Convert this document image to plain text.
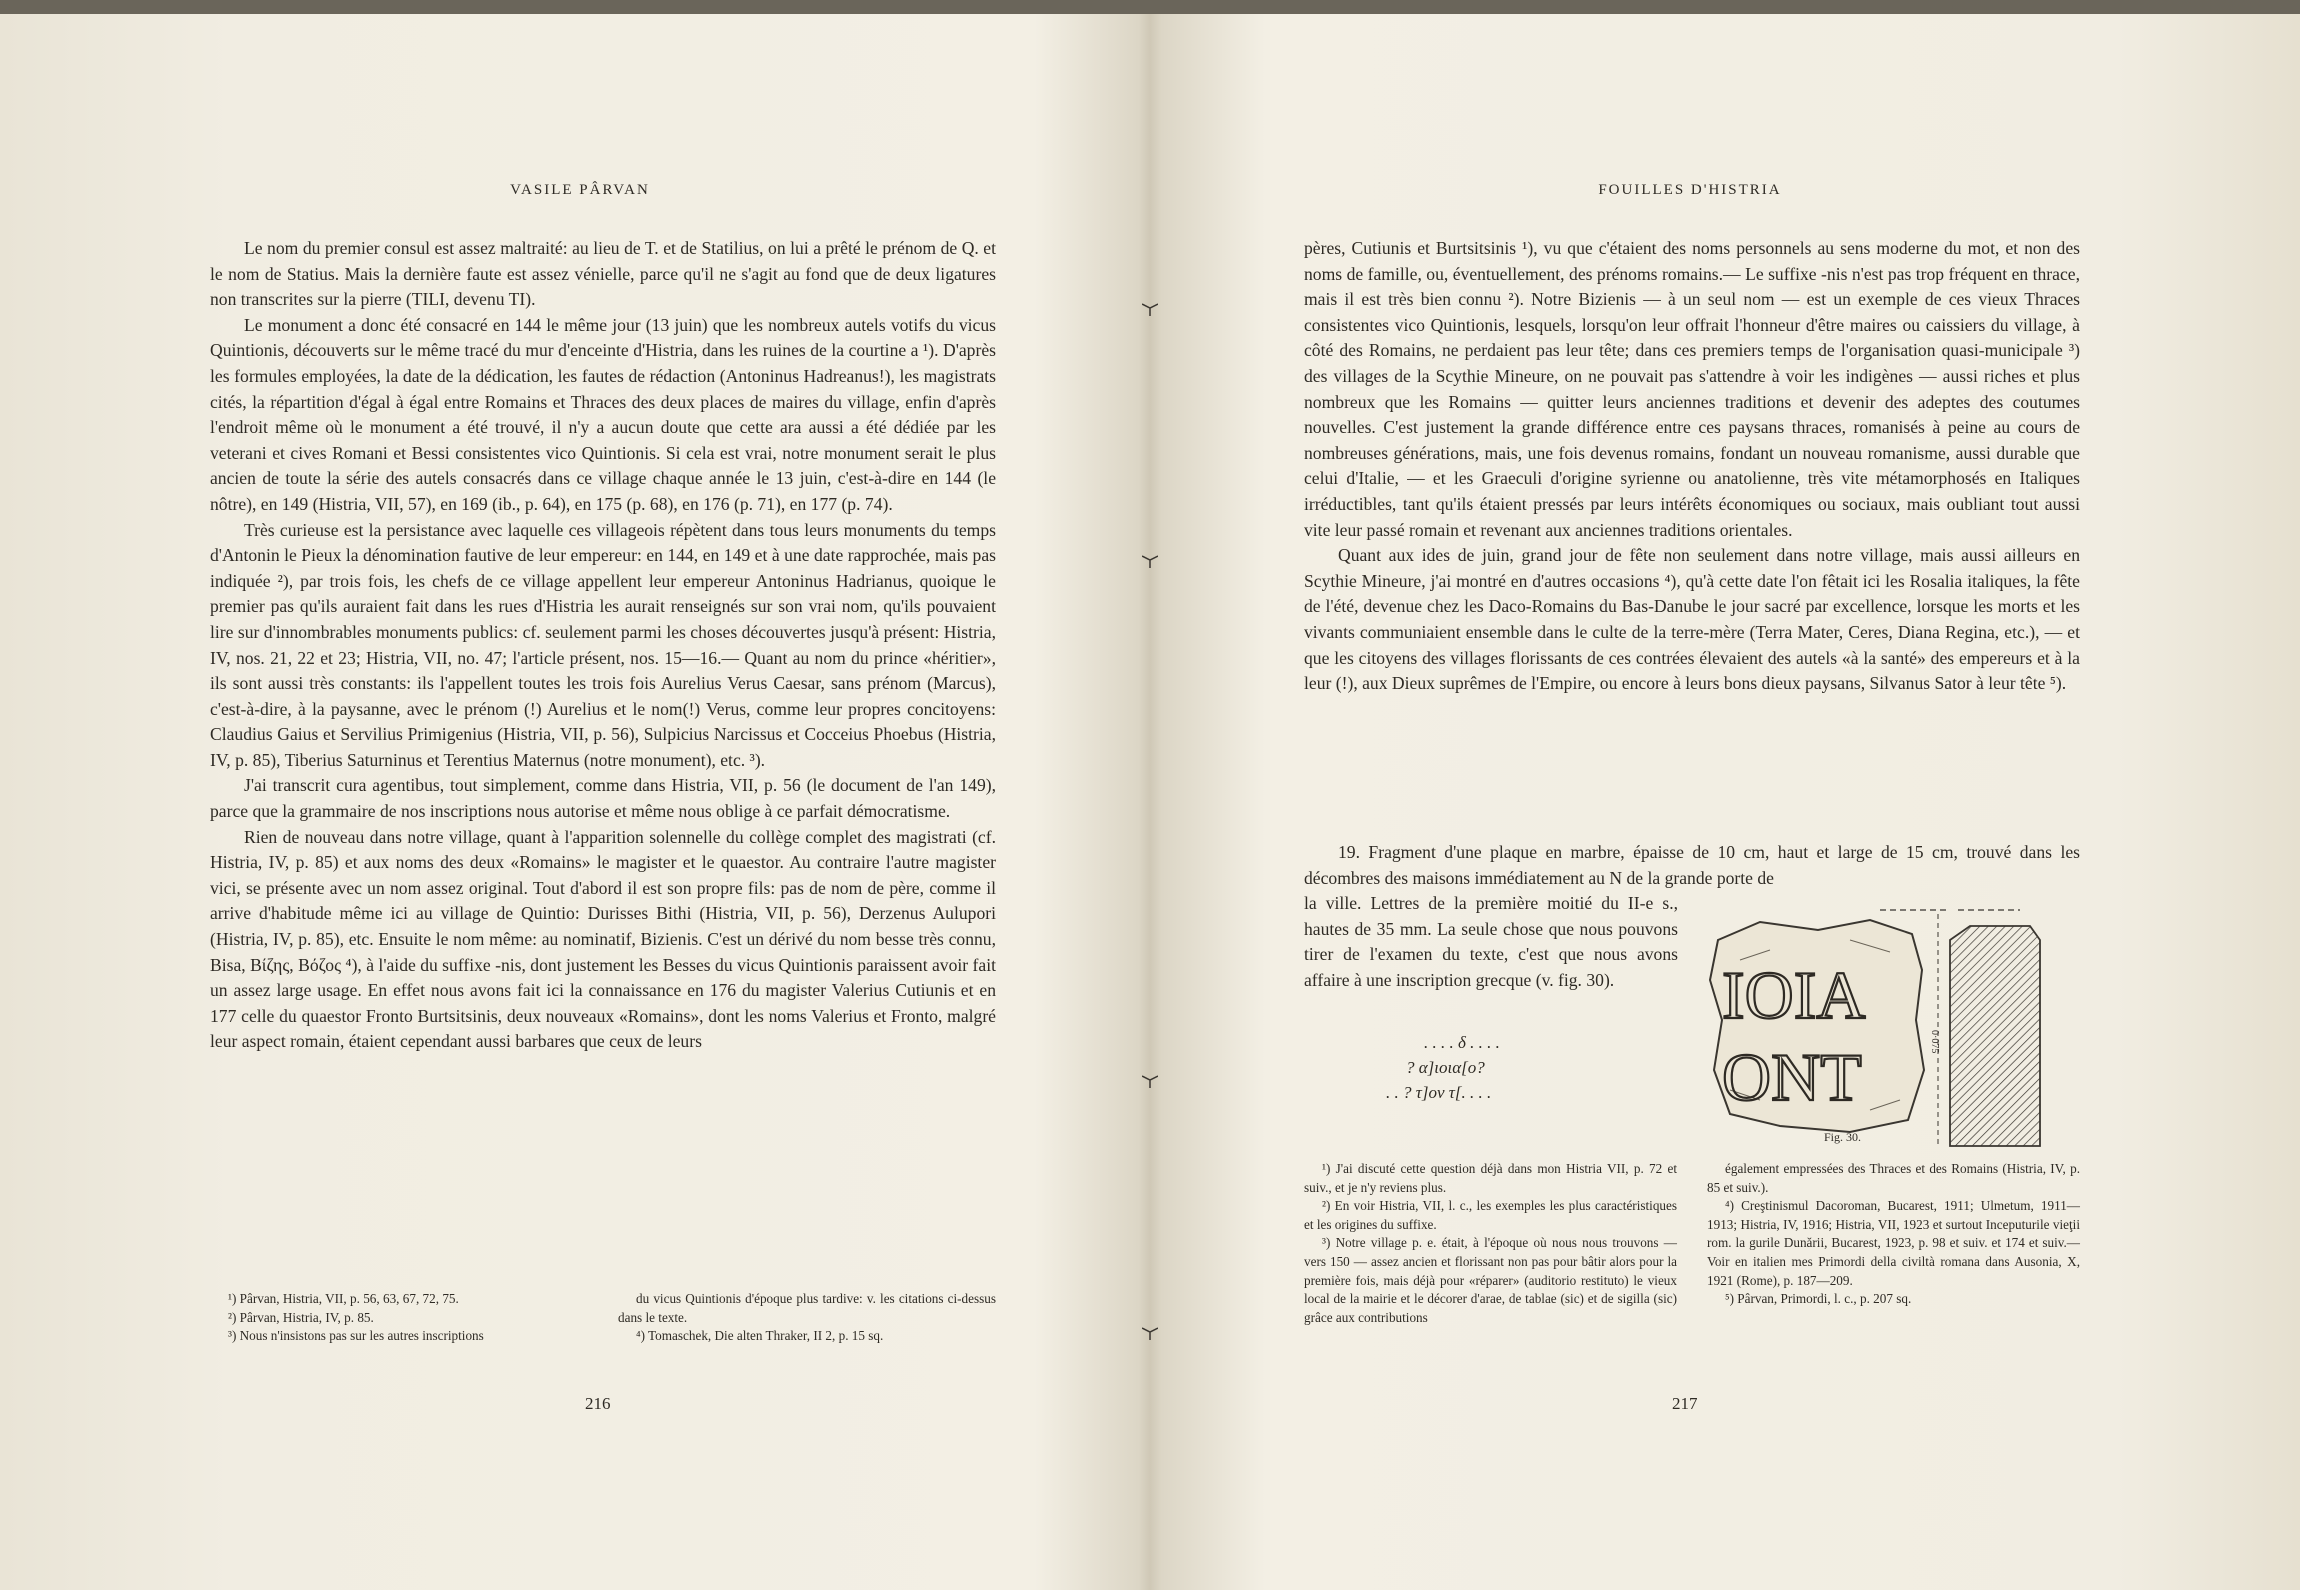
VASILE PÂRVAN

Le nom du premier consul est assez maltraité: au lieu de T. et de Statilius, on lui a prêté le prénom de Q. et le nom de Statius. Mais la dernière faute est assez vénielle, parce qu'il ne s'agit au fond que de deux ligatures non transcrites sur la pierre (TILI, devenu TI).

Le monument a donc été consacré en 144 le même jour (13 juin) que les nombreux autels votifs du vicus Quintionis, découverts sur le même tracé du mur d'enceinte d'Histria, dans les ruines de la courtine a ¹). D'après les formules employées, la date de la dédication, les fautes de rédaction (Antoninus Hadreanus!), les magistrats cités, la répartition d'égal à égal entre Romains et Thraces des deux places de maires du village, enfin d'après l'endroit même où le monument a été trouvé, il n'y a aucun doute que cette ara aussi a été dédiée par les veterani et cives Romani et Bessi consistentes vico Quintionis. Si cela est vrai, notre monument serait le plus ancien de toute la série des autels consacrés dans ce village chaque année le 13 juin, c'est-à-dire en 144 (le nôtre), en 149 (Histria, VII, 57), en 169 (ib., p. 64), en 175 (p. 68), en 176 (p. 71), en 177 (p. 74).

Très curieuse est la persistance avec laquelle ces villageois répètent dans tous leurs monuments du temps d'Antonin le Pieux la dénomination fautive de leur empereur: en 144, en 149 et à une date rapprochée, mais pas indiquée ²), par trois fois, les chefs de ce village appellent leur empereur Antoninus Hadrianus, quoique le premier pas qu'ils auraient fait dans les rues d'Histria les aurait renseignés sur son vrai nom, qu'ils pouvaient lire sur d'innombrables monuments publics: cf. seulement parmi les choses découvertes jusqu'à présent: Histria, IV, nos. 21, 22 et 23; Histria, VII, no. 47; l'article présent, nos. 15—16.— Quant au nom du prince «héritier», ils sont aussi très constants: ils l'appellent toutes les trois fois Aurelius Verus Caesar, sans prénom (Marcus), c'est-à-dire, à la paysanne, avec le prénom (!) Aurelius et le nom(!) Verus, comme leur propres concitoyens: Claudius Gaius et Servilius Primigenius (Histria, VII, p. 56), Sulpicius Narcissus et Cocceius Phoebus (Histria, IV, p. 85), Tiberius Saturninus et Terentius Maternus (notre monument), etc. ³).

J'ai transcrit cura agentibus, tout simplement, comme dans Histria, VII, p. 56 (le document de l'an 149), parce que la grammaire de nos inscriptions nous autorise et même nous oblige à ce parfait démocratisme.

Rien de nouveau dans notre village, quant à l'apparition solennelle du collège complet des magistrati (cf. Histria, IV, p. 85) et aux noms des deux «Romains» le magister et le quaestor. Au contraire l'autre magister vici, se présente avec un nom assez original. Tout d'abord il est son propre fils: pas de nom de père, comme il arrive d'habitude même ici au village de Quintio: Durisses Bithi (Histria, VII, p. 56), Derzenus Aulupori (Histria, IV, p. 85), etc. Ensuite le nom même: au nominatif, Bizienis. C'est un dérivé du nom besse très connu, Bisa, Βίζης, Βόζος ⁴), à l'aide du suffixe -nis, dont justement les Besses du vicus Quintionis paraissent avoir fait un assez large usage. En effet nous avons fait ici la connaissance en 176 du magister Valerius Cutiunis et en 177 celle du quaestor Fronto Burtsitsinis, deux nouveaux «Romains», dont les noms Valerius et Fronto, malgré leur aspect romain, étaient cependant aussi barbares que ceux de leurs

¹) Pârvan, Histria, VII, p. 56, 63, 67, 72, 75.

²) Pârvan, Histria, IV, p. 85.

³) Nous n'insistons pas sur les autres inscriptions

du vicus Quintionis d'époque plus tardive: v. les citations ci-dessus dans le texte.

⁴) Tomaschek, Die alten Thraker, II 2, p. 15 sq.

216
FOUILLES D'HISTRIA

pères, Cutiunis et Burtsitsinis ¹), vu que c'étaient des noms personnels au sens moderne du mot, et non des noms de famille, ou, éventuellement, des prénoms romains.— Le suffixe -nis n'est pas trop fréquent en thrace, mais il est très bien connu ²). Notre Bizienis — à un seul nom — est un exemple de ces vieux Thraces consistentes vico Quintionis, lesquels, lorsqu'on leur offrait l'honneur d'être maires ou caissiers du village, à côté des Romains, ne perdaient pas leur tête; dans ces premiers temps de l'organisation quasi-municipale ³) des villages de la Scythie Mineure, on ne pouvait pas s'attendre à voir les indigènes — aussi riches et plus nombreux que les Romains — quitter leurs anciennes traditions et devenir des adeptes des coutumes nouvelles. C'est justement la grande différence entre ces paysans thraces, romanisés à peine au cours de nombreuses générations, mais, une fois devenus romains, fondant un nouveau romanisme, aussi durable que celui d'Italie, — et les Graeculi d'origine syrienne ou anatolienne, très vite métamorphosés en Italiques irréductibles, tant qu'ils étaient pressés par leurs intérêts économiques ou sociaux, mais oubliant tout aussi vite leur passé romain et revenant aux anciennes traditions orientales.

Quant aux ides de juin, grand jour de fête non seulement dans notre village, mais aussi ailleurs en Scythie Mineure, j'ai montré en d'autres occasions ⁴), qu'à cette date l'on fêtait ici les Rosalia italiques, la fête de l'été, devenue chez les Daco-Romains du Bas-Danube le jour sacré par excellence, lorsque les morts et les vivants communiaient ensemble dans le culte de la terre-mère (Terra Mater, Ceres, Diana Regina, etc.), — et que les citoyens des villages florissants de ces contrées élevaient des autels «à la santé» des empereurs et à la leur (!), aux Dieux suprêmes de l'Empire, ou encore à leurs bons dieux paysans, Silvanus Sator à leur tête ⁵).

19. Fragment d'une plaque en marbre, épaisse de 10 cm, haut et large de 15 cm, trouvé dans les décombres des maisons immédiatement au N de la grande porte de

la ville. Lettres de la première moitié du II-e s., hautes de 35 mm. La seule chose que nous pouvons tirer de l'examen du texte, c'est que nous avons affaire à une inscription grecque (v. fig. 30).
. . . . δ . . . .
? α]ιοια[ο?
. . ? τ]ον τ[. . . .
ΙΟΙΑ
ΟΝΤ	0·075
Fig. 30.

¹) J'ai discuté cette question déjà dans mon Histria VII, p. 72 et suiv., et je n'y reviens plus.

²) En voir Histria, VII, l. c., les exemples les plus caractéristiques et les origines du suffixe.

³) Notre village p. e. était, à l'époque où nous nous trouvons — vers 150 — assez ancien et florissant non pas pour bâtir alors pour la première fois, mais déjà pour «réparer» (auditorio restituto) le vieux local de la mairie et le décorer d'arae, de tablae (sic) et de sigilla (sic) grâce aux contributions

également empressées des Thraces et des Romains (Histria, IV, p. 85 et suiv.).

⁴) Creştinismul Dacoroman, Bucarest, 1911; Ulmetum, 1911—1913; Histria, IV, 1916; Histria, VII, 1923 et surtout Inceputurile vieţii rom. la gurile Dunării, Bucarest, 1923, p. 98 et suiv. et 174 et suiv.—Voir en italien mes Primordi della civiltà romana dans Ausonia, X, 1921 (Rome), p. 187—209.

⁵) Pârvan, Primordi, l. c., p. 207 sq.

217
